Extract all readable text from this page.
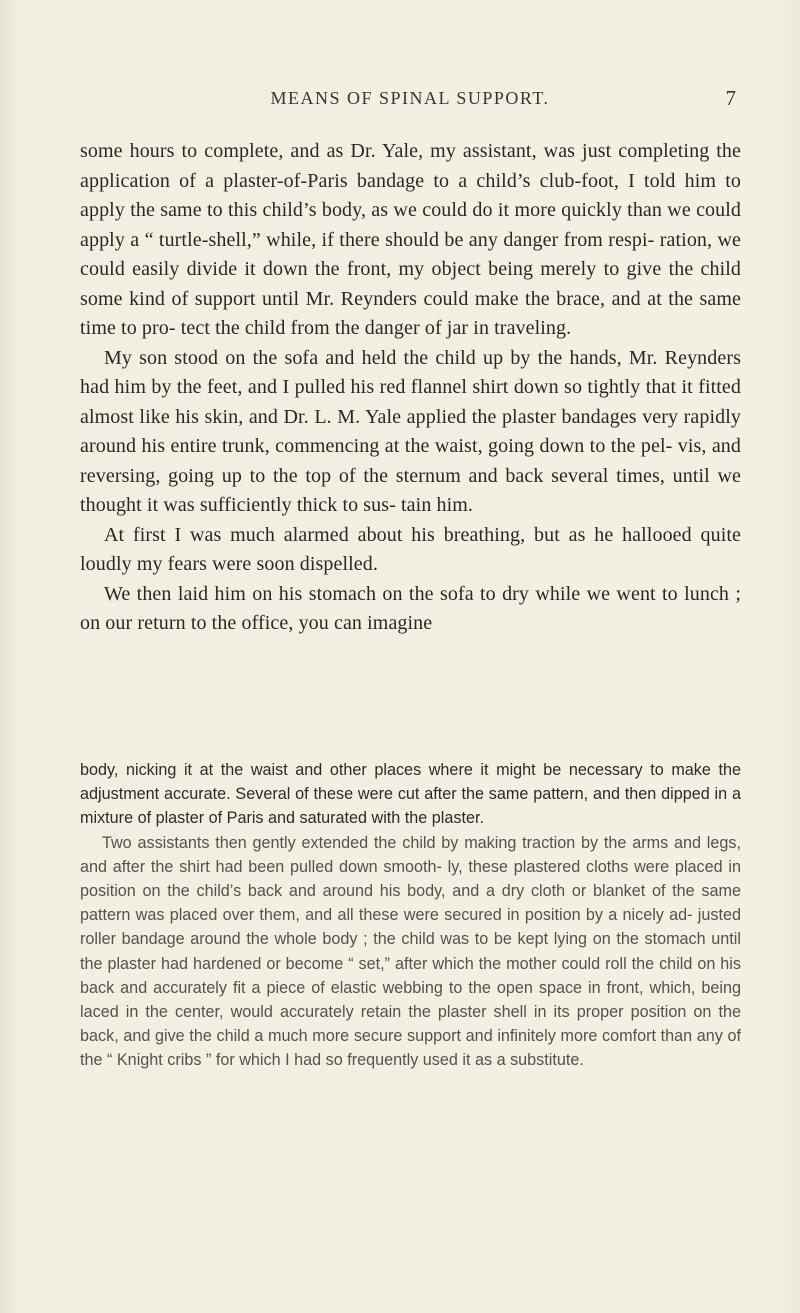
MEANS OF SPINAL SUPPORT.	7

some hours to complete, and as Dr. Yale, my assistant, was just completing the application of a plaster-of-Paris bandage to a child’s club-foot, I told him to apply the same to this child’s body, as we could do it more quickly than we could apply a “ turtle-shell,” while, if there should be any danger from respi- ration, we could easily divide it down the front, my object being merely to give the child some kind of support until Mr. Reynders could make the brace, and at the same time to pro- tect the child from the danger of jar in traveling.

My son stood on the sofa and held the child up by the hands, Mr. Reynders had him by the feet, and I pulled his red flannel shirt down so tightly that it fitted almost like his skin, and Dr. L. M. Yale applied the plaster bandages very rapidly around his entire trunk, commencing at the waist, going down to the pel- vis, and reversing, going up to the top of the sternum and back several times, until we thought it was sufficiently thick to sus- tain him.

At first I was much alarmed about his breathing, but as he hallooed quite loudly my fears were soon dispelled.

We then laid him on his stomach on the sofa to dry while we went to lunch ; on our return to the office, you can imagine

body, nicking it at the waist and other places where it might be necessary to make the adjustment accurate. Several of these were cut after the same pattern, and then dipped in a mixture of plaster of Paris and saturated with the plaster.

Two assistants then gently extended the child by making traction by the arms and legs, and after the shirt had been pulled down smooth- ly, these plastered cloths were placed in position on the child’s back and around his body, and a dry cloth or blanket of the same pattern was placed over them, and all these were secured in position by a nicely ad- justed roller bandage around the whole body ; the child was to be kept lying on the stomach until the plaster had hardened or become “ set,” after which the mother could roll the child on his back and accurately fit a piece of elastic webbing to the open space in front, which, being laced in the center, would accurately retain the plaster shell in its proper position on the back, and give the child a much more secure support and infinitely more comfort than any of the “ Knight cribs ” for which I had so frequently used it as a substitute.
